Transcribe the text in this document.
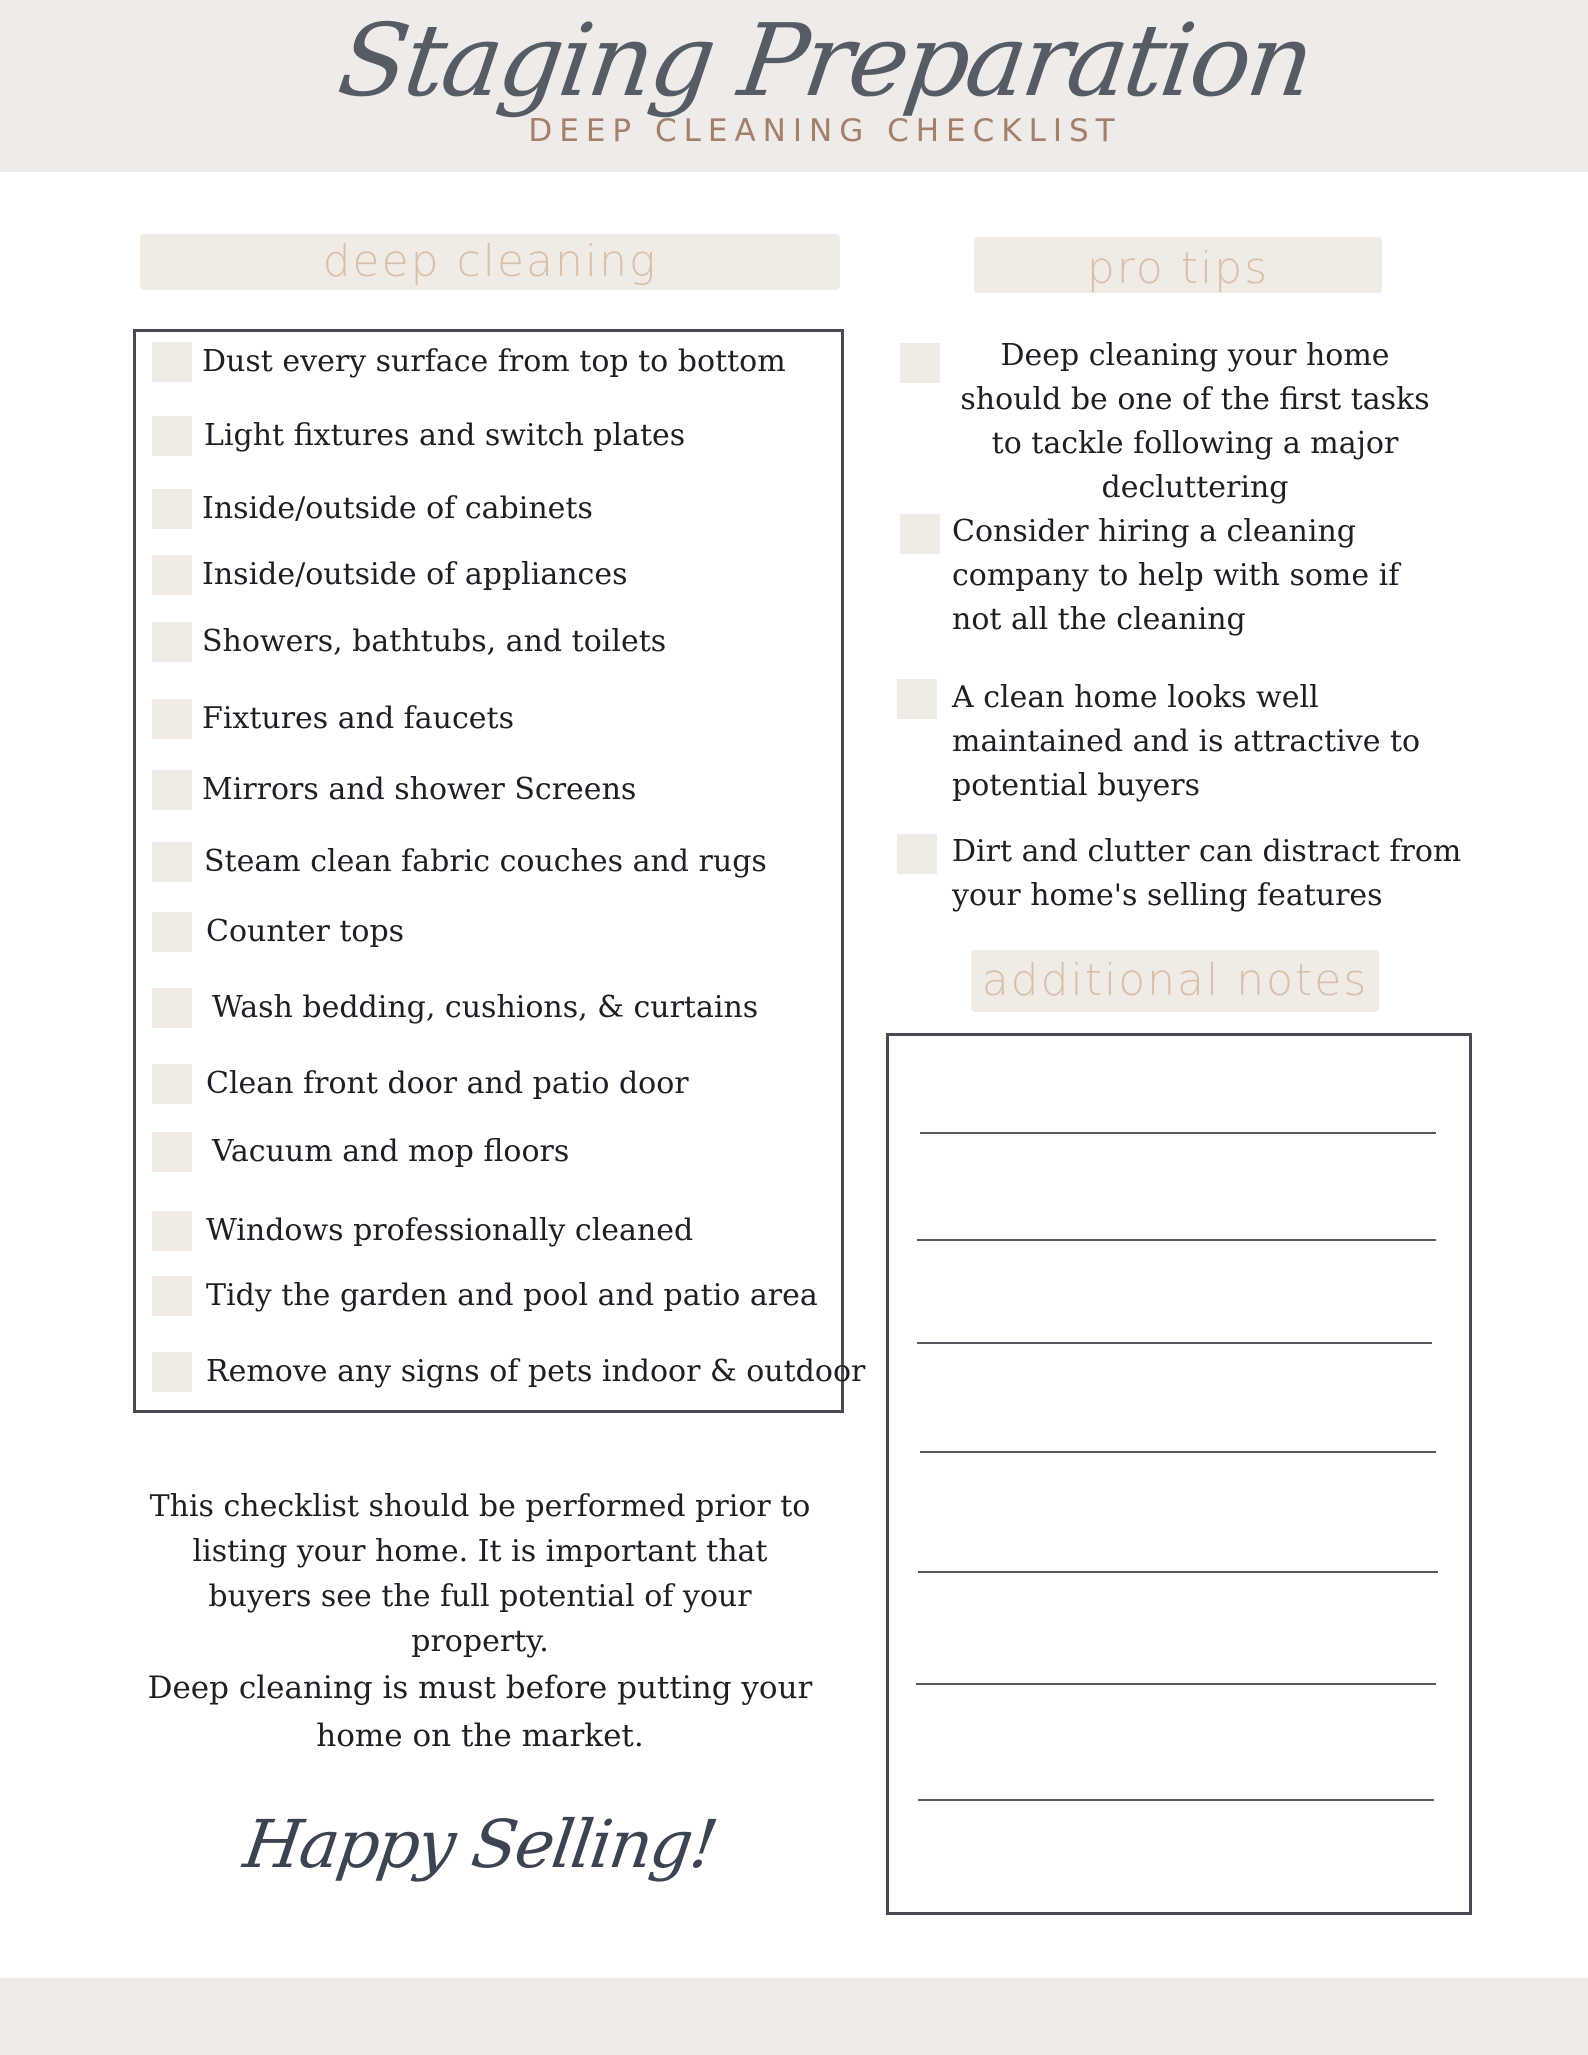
Staging Preparation
DEEP CLEANING CHECKLIST
deep cleaning	pro tips
Dust every surface from top to bottom
Light fixtures and switch plates
Inside/outside of cabinets
Inside/outside of appliances
Showers, bathtubs, and toilets
Fixtures and faucets
Mirrors and shower Screens
Steam clean fabric couches and rugs
Counter tops
Wash bedding, cushions, & curtains
Clean front door and patio door
Vacuum and mop floors
Windows professionally cleaned
Tidy the garden and pool and patio area
Remove any signs of pets indoor & outdoor
Deep cleaning your home should be one of the first tasks to tackle following a major decluttering
Consider hiring a cleaning company to help with some if not all the cleaning
A clean home looks well maintained and is attractive to potential buyers
Dirt and clutter can distract from your home's selling features
additional notes
This checklist should be performed prior to listing your home. It is important that buyers see the full potential of your property.
Deep cleaning is must before putting your home on the market.
Happy Selling!
